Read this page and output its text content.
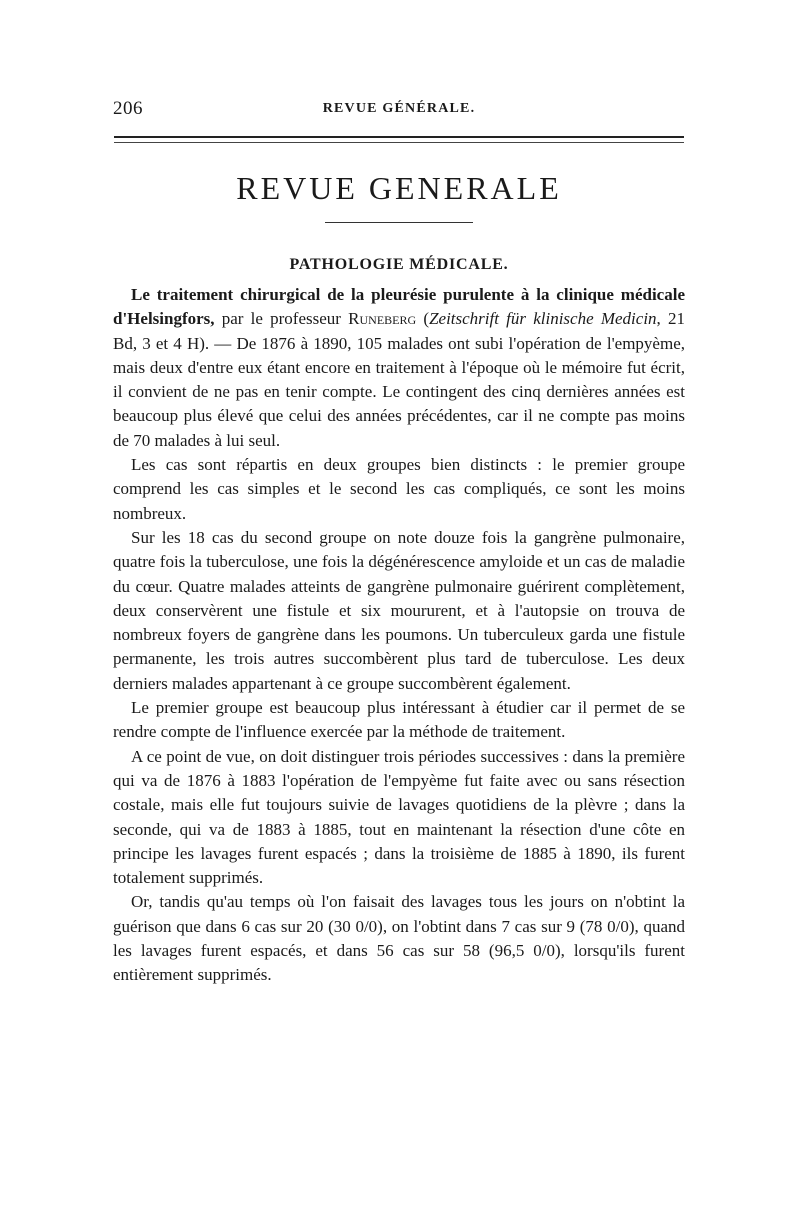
206	REVUE GÉNÉRALE.
REVUE GENERALE
PATHOLOGIE MÉDICALE.

Le traitement chirurgical de la pleurésie purulente à la clinique médicale d'Helsingfors, par le professeur Runeberg (Zeitschrift für klinische Medicin, 21 Bd, 3 et 4 H). — De 1876 à 1890, 105 malades ont subi l'opération de l'empyème, mais deux d'entre eux étant encore en traitement à l'époque où le mémoire fut écrit, il convient de ne pas en tenir compte. Le contingent des cinq dernières années est beaucoup plus élevé que celui des années précédentes, car il ne compte pas moins de 70 malades à lui seul.

Les cas sont répartis en deux groupes bien distincts : le premier groupe comprend les cas simples et le second les cas compliqués, ce sont les moins nombreux.

Sur les 18 cas du second groupe on note douze fois la gangrène pulmonaire, quatre fois la tuberculose, une fois la dégénérescence amyloide et un cas de maladie du cœur. Quatre malades atteints de gangrène pulmonaire guérirent complètement, deux conservèrent une fistule et six moururent, et à l'autopsie on trouva de nombreux foyers de gangrène dans les poumons. Un tuberculeux garda une fistule permanente, les trois autres succombèrent plus tard de tuberculose. Les deux derniers malades appartenant à ce groupe succombèrent également.

Le premier groupe est beaucoup plus intéressant à étudier car il permet de se rendre compte de l'influence exercée par la méthode de traitement.

A ce point de vue, on doit distinguer trois périodes successives : dans la première qui va de 1876 à 1883 l'opération de l'empyème fut faite avec ou sans résection costale, mais elle fut toujours suivie de lavages quotidiens de la plèvre ; dans la seconde, qui va de 1883 à 1885, tout en maintenant la résection d'une côte en principe les lavages furent espacés ; dans la troisième de 1885 à 1890, ils furent totalement supprimés.

Or, tandis qu'au temps où l'on faisait des lavages tous les jours on n'obtint la guérison que dans 6 cas sur 20 (30 0/0), on l'obtint dans 7 cas sur 9 (78 0/0), quand les lavages furent espacés, et dans 56 cas sur 58 (96,5 0/0), lorsqu'ils furent entièrement supprimés.
